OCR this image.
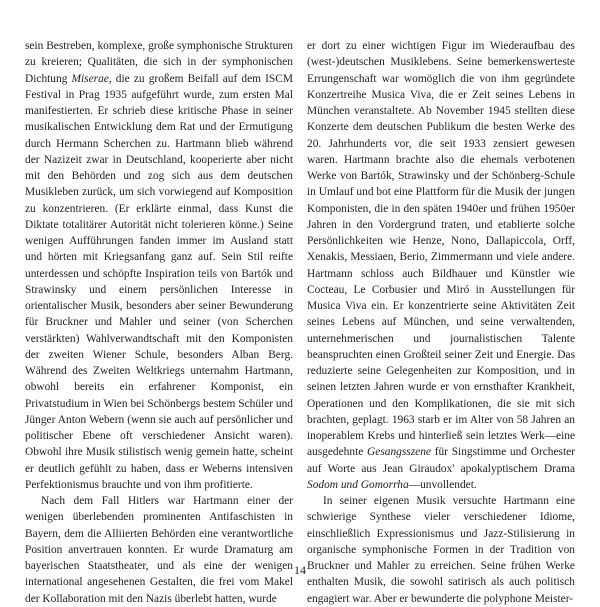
sein Bestreben, komplexe, große symphonische Strukturen zu kreieren; Qualitäten, die sich in der symphonischen Dichtung Miserae, die zu großem Beifall auf dem ISCM Festival in Prag 1935 aufgeführt wurde, zum ersten Mal manifestierten. Er schrieb diese kritische Phase in seiner musikalischen Entwicklung dem Rat und der Ermutigung durch Hermann Scherchen zu. Hartmann blieb während der Nazizeit zwar in Deutschland, kooperierte aber nicht mit den Behörden und zog sich aus dem deutschen Musikleben zurück, um sich vorwiegend auf Komposition zu konzentrieren. (Er erklärte einmal, dass Kunst die Diktate totalitärer Autorität nicht tolerieren könne.) Seine wenigen Aufführungen fanden immer im Ausland statt und hörten mit Kriegsanfang ganz auf. Sein Stil reifte unterdessen und schöpfte Inspiration teils von Bartók und Strawinsky und einem persönlichen Interesse in orientalischer Musik, besonders aber seiner Bewunderung für Bruckner und Mahler und seiner (von Scherchen verstärkten) Wahlverwandtschaft mit den Komponisten der zweiten Wiener Schule, besonders Alban Berg. Während des Zweiten Weltkriegs unternahm Hartmann, obwohl bereits ein erfahrener Komponist, ein Privatstudium in Wien bei Schönbergs bestem Schüler und Jünger Anton Webern (wenn sie auch auf persönlicher und politischer Ebene oft verschiedener Ansicht waren). Obwohl ihre Musik stilistisch wenig gemein hatte, scheint er deutlich gefühlt zu haben, dass er Weberns intensiven Perfektionismus brauchte und von ihm profitierte.

Nach dem Fall Hitlers war Hartmann einer der wenigen überlebenden prominenten Antifaschisten in Bayern, dem die Alliierten Behörden eine verantwortliche Position anvertrauen konnten. Er wurde Dramaturg am bayerischen Staatstheater, und als eine der wenigen international angesehenen Gestalten, die frei vom Makel der Kollaboration mit den Nazis überlebt hatten, wurde

er dort zu einer wichtigen Figur im Wiederaufbau des (west-)deutschen Musiklebens. Seine bemerkenswerteste Errungenschaft war womöglich die von ihm gegründete Konzertreihe Musica Viva, die er Zeit seines Lebens in München veranstaltete. Ab November 1945 stellten diese Konzerte dem deutschen Publikum die besten Werke des 20. Jahrhunderts vor, die seit 1933 zensiert gewesen waren. Hartmann brachte also die ehemals verbotenen Werke von Bartók, Strawinsky und der Schönberg-Schule in Umlauf und bot eine Plattform für die Musik der jungen Komponisten, die in den späten 1940er und frühen 1950er Jahren in den Vordergrund traten, und etablierte solche Persönlichkeiten wie Henze, Nono, Dallapiccola, Orff, Xenakis, Messiaen, Berio, Zimmermann und viele andere. Hartmann schloss auch Bildhauer und Künstler wie Cocteau, Le Corbusier und Miró in Ausstellungen für Musica Viva ein. Er konzentrierte seine Aktivitäten Zeit seines Lebens auf München, und seine verwaltenden, unternehmerischen und journalistischen Talente beanspruchten einen Großteil seiner Zeit und Energie. Das reduzierte seine Gelegenheiten zur Komposition, und in seinen letzten Jahren wurde er von ernsthafter Krankheit, Operationen und den Komplikationen, die sie mit sich brachten, geplagt. 1963 starb er im Alter von 58 Jahren an inoperablem Krebs und hinterließ sein letztes Werk—eine ausgedehnte Gesangsszene für Singstimme und Orchester auf Worte aus Jean Giraudox' apokalyptischem Drama Sodom und Gomorrha—unvollendet.

In seiner eigenen Musik versuchte Hartmann eine schwierige Synthese vieler verschiedener Idiome, einschließlich Expressionismus und Jazz-Stilisierung in organische symphonische Formen in der Tradition von Bruckner und Mahler zu erreichen. Seine frühen Werke enthalten Musik, die sowohl satirisch als auch politisch engagiert war. Aber er bewunderte die polyphone Meister-

14
